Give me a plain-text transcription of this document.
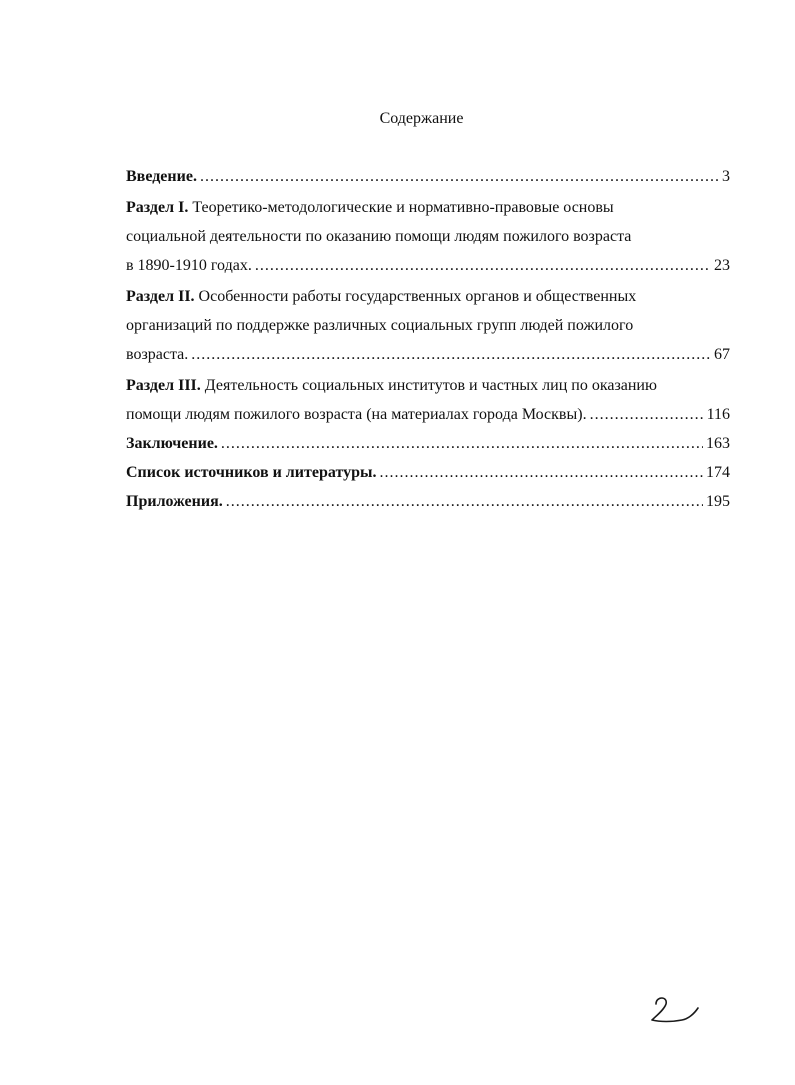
Содержание
Введение. .....	3
Раздел I. Теоретико-методологические и нормативно-правовые основы
социальной деятельности по оказанию помощи людям пожилого возраста
в 1890-1910 годах. .....	23
Раздел II. Особенности работы государственных органов и общественных
организаций по поддержке различных социальных групп людей пожилого
возраста. .....	67
Раздел III. Деятельность социальных институтов и частных лиц по оказанию
помощи людям пожилого возраста (на материалах города Москвы). .....	116
Заключение. .....	163
Список источников и литературы. .....	174
Приложения. .....	195
